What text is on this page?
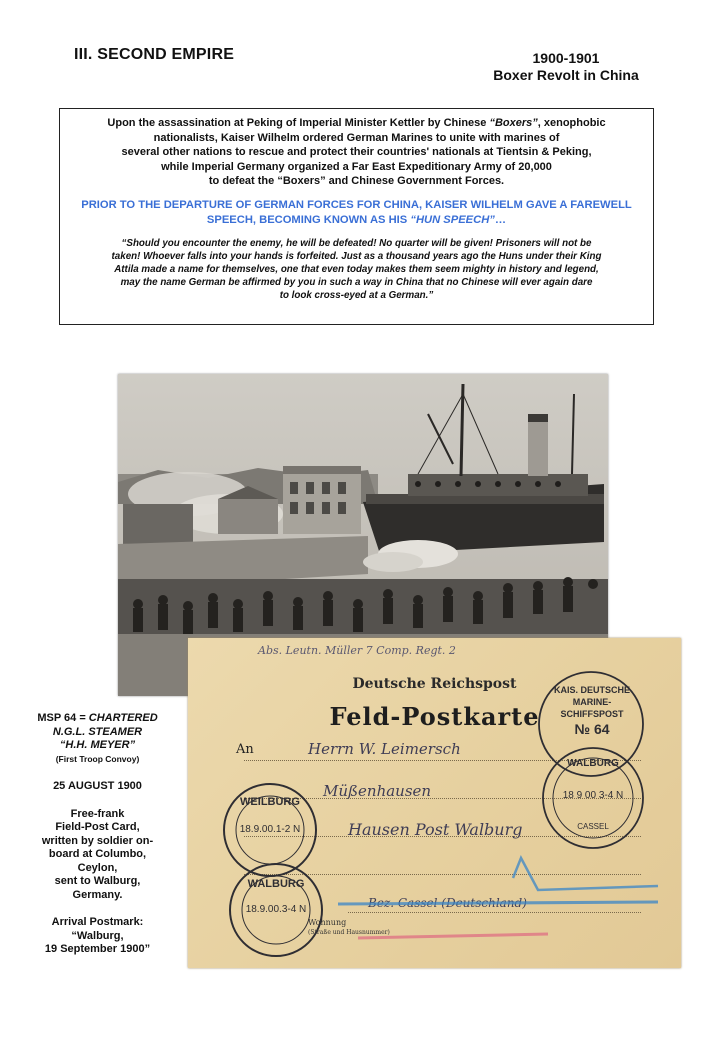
III. SECOND EMPIRE	1900-1901
Boxer Revolt in China
Upon the assassination at Peking of Imperial Minister Kettler by Chinese “Boxers”, xenophobic
nationalists, Kaiser Wilhelm ordered German Marines to unite with marines of
several other nations to rescue and protect their countries' nationals at Tientsin & Peking,
while Imperial Germany organized a Far East Expeditionary Army of 20,000
to defeat the “Boxers” and Chinese Government Forces.
PRIOR TO THE DEPARTURE OF GERMAN FORCES FOR CHINA, KAISER WILHELM GAVE A FAREWELL
SPEECH, BECOMING KNOWN AS HIS “HUN SPEECH”…
“Should you encounter the enemy, he will be defeated! No quarter will be given! Prisoners will not be
taken! Whoever falls into your hands is forfeited. Just as a thousand years ago the Huns under their King
Attila made a name for themselves, one that even today makes them seem mighty in history and legend,
may the name German be affirmed by you in such a way in China that no Chinese will ever again dare
to look cross-eyed at a German.”
Deutsche Reichspost
Feld-Postkarte
An
Wohnung
(Straße und Hausnummer)
Abs. Leutn. Müller 7 Comp. Regt. 2
Herrn W. Leimersch
Müßenhausen
Hausen Post Walburg
KAIS. DEUTSCHE
MARINE-
SCHIFFSPOST
№ 64
WALBURG
18 9 00 3-4 N
CASSEL
WEILBURG
18.9.00.1-2 N
WALBURG
18.9.00.3-4 N
MSP 64 = CHARTERED
N.G.L. STEAMER
“H.H. MEYER”
(First Troop Convoy)
25 AUGUST 1900
Free-frank
Field-Post Card,
written by soldier on-
board at Columbo,
Ceylon,
sent to Walburg,
Germany.
Arrival Postmark:
“Walburg,
19 September 1900”
